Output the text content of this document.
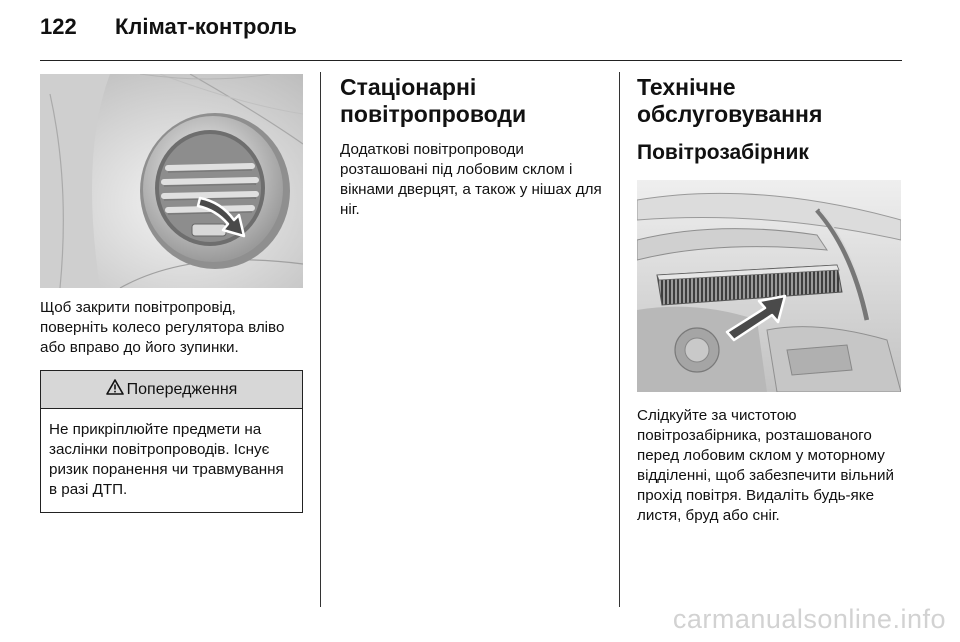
122	Клімат-контроль

Щоб закрити повітропровід, поверніть колесо регулятора вліво або вправо до його зупинки.

Попередження

Не прикріплюйте предмети на заслінки повітропроводів. Існує ризик поранення чи травмування в разі ДТП.

Стаціонарні повітропроводи

Додаткові повітропроводи розташовані під лобовим склом і вікнами дверцят, а також у нішах для ніг.

Технічне обслуговування
Повітрозабірник

Слідкуйте за чистотою повітрозабірника, розташованого перед лобовим склом у моторному відділенні, щоб забезпечити вільний прохід повітря. Видаліть будь-яке листя, бруд або сніг.

carmanualsonline.info
